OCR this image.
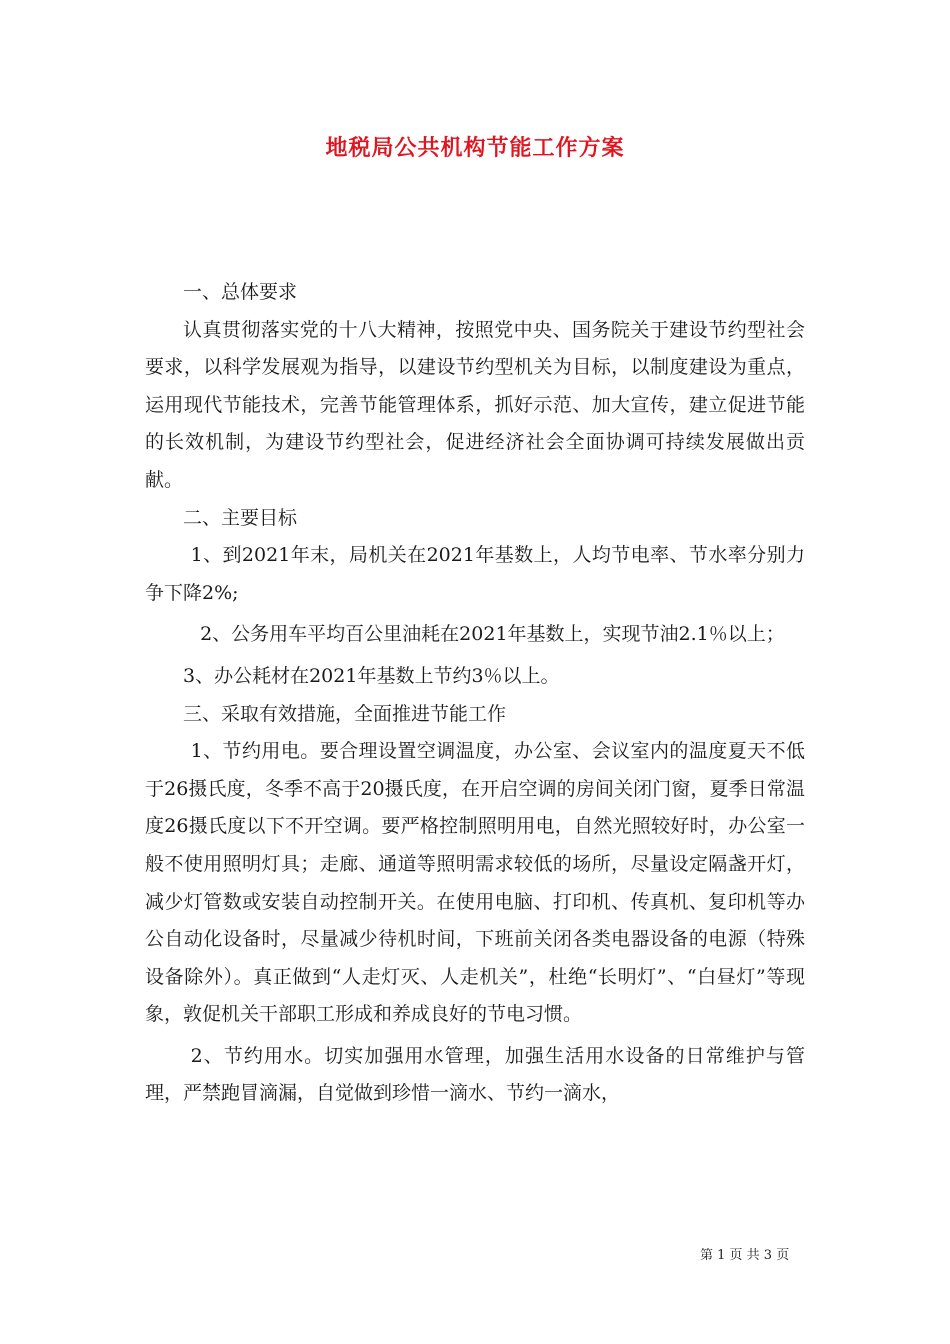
地税局公共机构节能工作方案

一、总体要求

认真贯彻落实党的十八大精神，按照党中央、国务院关于建设节约型社会要求，以科学发展观为指导，以建设节约型机关为目标，以制度建设为重点，运用现代节能技术，完善节能管理体系，抓好示范、加大宣传，建立促进节能的长效机制，为建设节约型社会，促进经济社会全面协调可持续发展做出贡献。

二、主要目标

1、到2021年末，局机关在2021年基数上，人均节电率、节水率分别力争下降2%;

2、公务用车平均百公里油耗在2021年基数上，实现节油2.1％以上；

3、办公耗材在2021年基数上节约3％以上。

三、采取有效措施，全面推进节能工作

1、节约用电。要合理设置空调温度，办公室、会议室内的温度夏天不低于26摄氏度，冬季不高于20摄氏度，在开启空调的房间关闭门窗，夏季日常温度26摄氏度以下不开空调。要严格控制照明用电，自然光照较好时，办公室一般不使用照明灯具；走廊、通道等照明需求较低的场所，尽量设定隔盏开灯，减少灯管数或安装自动控制开关。在使用电脑、打印机、传真机、复印机等办公自动化设备时，尽量减少待机时间，下班前关闭各类电器设备的电源（特殊设备除外）。真正做到“人走灯灭、人走机关”，杜绝“长明灯”、“白昼灯”等现象，敦促机关干部职工形成和养成良好的节电习惯。

2、节约用水。切实加强用水管理，加强生活用水设备的日常维护与管理，严禁跑冒滴漏，自觉做到珍惜一滴水、节约一滴水，

第 1 页 共 3 页
